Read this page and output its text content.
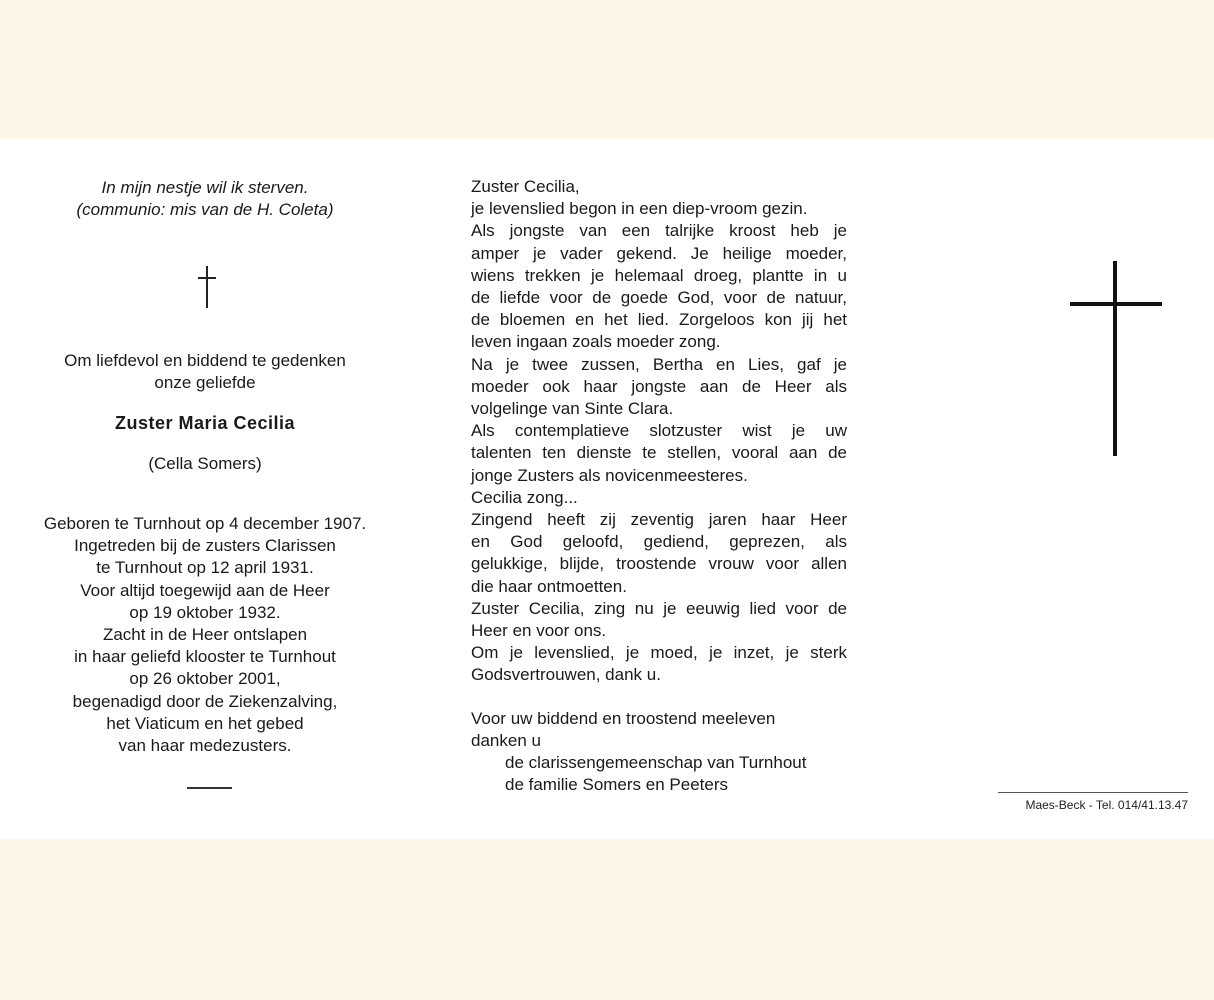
In mijn nestje wil ik sterven.
(communio: mis van de H. Coleta)
Om liefdevol en biddend te gedenken
onze geliefde
Zuster Maria Cecilia
(Cella Somers)
Geboren te Turnhout op 4 december 1907.
Ingetreden bij de zusters Clarissen
te Turnhout op 12 april 1931.
Voor altijd toegewijd aan de Heer
op 19 oktober 1932.
Zacht in de Heer ontslapen
in haar geliefd klooster te Turnhout
op 26 oktober 2001,
begenadigd door de Ziekenzalving,
het Viaticum en het gebed
van haar medezusters.
Zuster Cecilia,
je levenslied begon in een diep-vroom gezin.
Als jongste van een talrijke kroost heb je
amper je vader gekend. Je heilige moeder,
wiens trekken je helemaal droeg, plantte in u
de liefde voor de goede God, voor de natuur,
de bloemen en het lied. Zorgeloos kon jij het
leven ingaan zoals moeder zong.
Na je twee zussen, Bertha en Lies, gaf je
moeder ook haar jongste aan de Heer als
volgelinge van Sinte Clara.
Als contemplatieve slotzuster wist je uw
talenten ten dienste te stellen, vooral aan de
jonge Zusters als novicenmeesteres.
Cecilia zong...
Zingend heeft zij zeventig jaren haar Heer
en God geloofd, gediend, geprezen, als
gelukkige, blijde, troostende vrouw voor allen
die haar ontmoetten.
Zuster Cecilia, zing nu je eeuwig lied voor de
Heer en voor ons.
Om je levenslied, je moed, je inzet, je sterk
Godsvertrouwen, dank u.
Voor uw biddend en troostend meeleven
danken u
de clarissengemeenschap van Turnhout
de familie Somers en Peeters
Maes-Beck - Tel. 014/41.13.47
